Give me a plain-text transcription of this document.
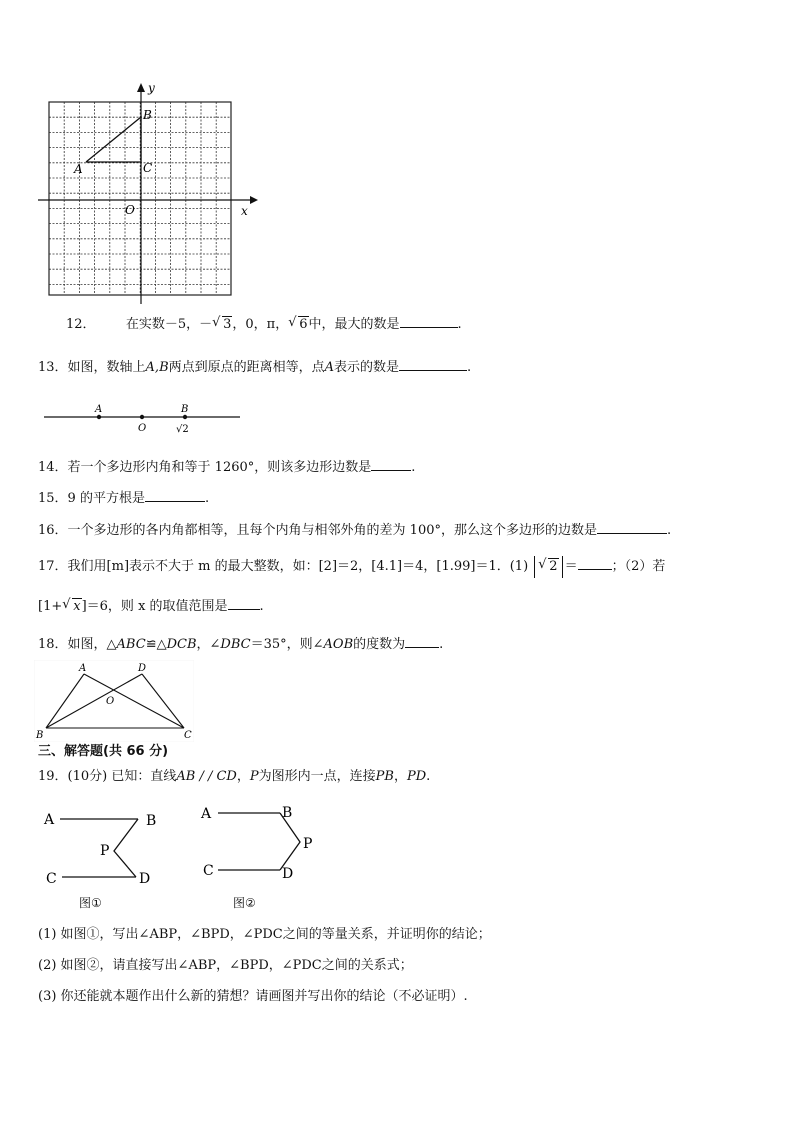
y
x
O
A
B
C
12． 在实数－5，－ √ 3，0，π， √ 6中，最大的数是	.
13．如图，数轴上A,B两点到原点的距离相等，点A表示的数是	.
A
O
B
√2
14．若一个多边形内角和等于 1260°，则该多边形边数是	.
15．9 的平方根是	.
16．一个多边形的各内角都相等，且每个内角与相邻外角的差为 100°，那么这个多边形的边数是	.
17．我们用[m]表示不大于 m 的最大整数，如：[2]＝2，[4.1]＝4，[1.99]＝1．(1) √ 2 ＝	；（2）若
[1+ √ x]＝6，则 x 的取值范围是 .
18．如图，△ABC≌△DCB，∠DBC＝35°，则∠AOB的度数为	.
A	D
O
B	C
三、解答题(共 66 分)
19．(10分) 已知：直线AB / / CD，P为图形内一点，连接PB，PD.
A	B
P
C	D
图①
A	B
P
C	D
图②
(1) 如图①，写出∠ABP，∠BPD，∠PDC之间的等量关系，并证明你的结论；
(2) 如图②，请直接写出∠ABP，∠BPD，∠PDC之间的关系式；
(3) 你还能就本题作出什么新的猜想？请画图并写出你的结论（不必证明）.
